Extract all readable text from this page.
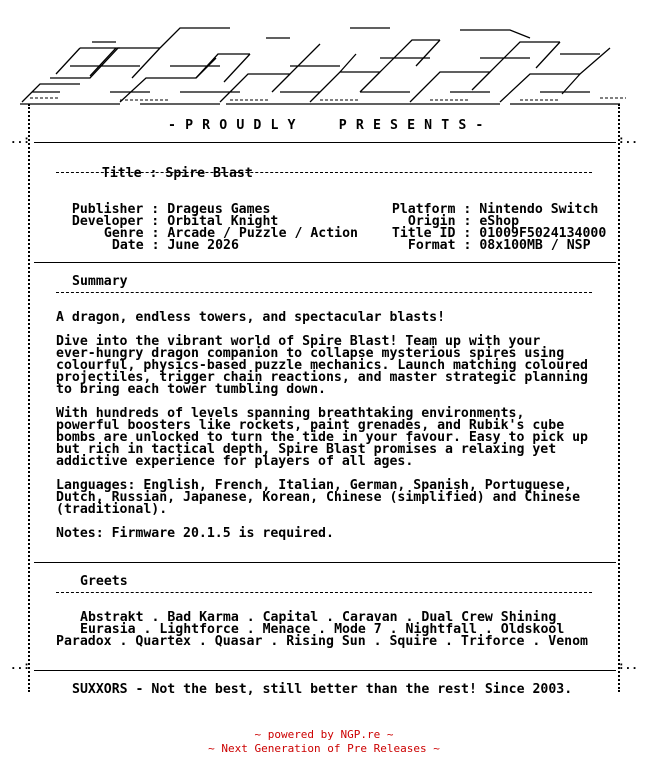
..:	:..
..:	:..
- P R O U D L Y     P R E S E N T S -

Title : Spire Blast

Publisher : Drageus Games

Developer : Orbital Knight

Genre : Arcade / Puzzle / Action

Date : June 2026

Platform : Nintendo Switch

Origin : eShop

Title ID : 01009F5024134000

Format : 08x100MB / NSP

Summary
A dragon, endless towers, and spectacular blasts!
Dive into the vibrant world of Spire Blast! Team up with your
ever-hungry dragon companion to collapse mysterious spires using
colourful, physics-based puzzle mechanics. Launch matching coloured
projectiles, trigger chain reactions, and master strategic planning
to bring each tower tumbling down.
With hundreds of levels spanning breathtaking environments,
powerful boosters like rockets, paint grenades, and Rubik's cube
bombs are unlocked to turn the tide in your favour. Easy to pick up
but rich in tactical depth, Spire Blast promises a relaxing yet
addictive experience for players of all ages.
Languages: English, French, Italian, German, Spanish, Portuguese,
Dutch, Russian, Japanese, Korean, Chinese (simplified) and Chinese
(traditional).
Notes: Firmware 20.1.5 is required.
Greets
Abstrakt . Bad Karma . Capital . Caravan . Dual Crew Shining
Eurasia . Lightforce . Menace . Mode 7 . Nightfall . Oldskool
Paradox . Quartex . Quasar . Rising Sun . Squire . Triforce . Venom
SUXXORS - Not the best, still better than the rest! Since 2003.
~ powered by NGP.re ~
~ Next Generation of Pre Releases ~
